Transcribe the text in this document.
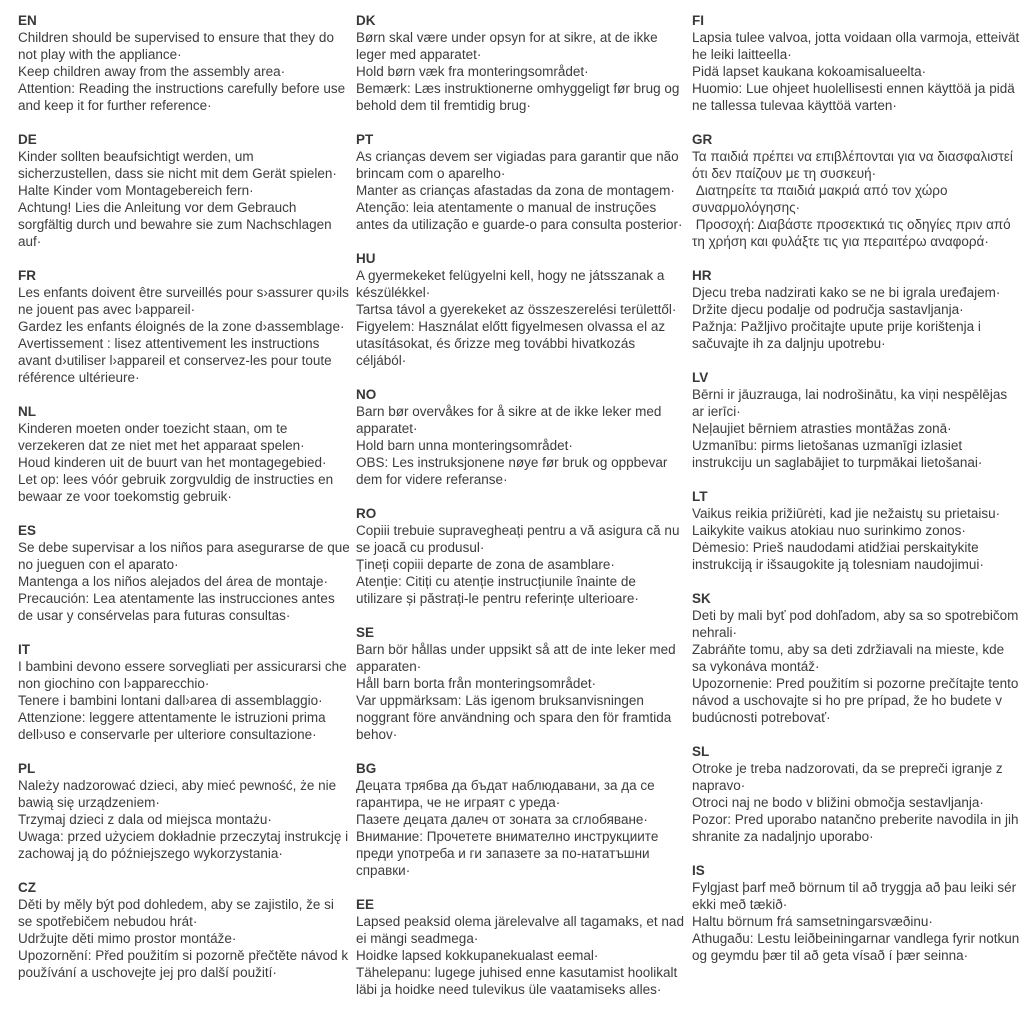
EN

Children should be supervised to ensure that they do not play with the appliance·

Keep children away from the assembly area·

Attention: Reading the instructions carefully before use and keep it for further reference·

DE

Kinder sollten beaufsichtigt werden, um sicherzustellen, dass sie nicht mit dem Gerät spielen·

Halte Kinder vom Montagebereich fern·

Achtung! Lies die Anleitung vor dem Gebrauch sorgfältig durch und bewahre sie zum Nachschlagen auf·

FR

Les enfants doivent être surveillés pour s›assurer qu›ils ne jouent pas avec l›appareil·

Gardez les enfants éloignés de la zone d›assemblage·

Avertissement : lisez attentivement les instructions avant d›utiliser l›appareil et conservez-les pour toute référence ultérieure·

NL

Kinderen moeten onder toezicht staan, om te verzekeren dat ze niet met het apparaat spelen·

Houd kinderen uit de buurt van het montagegebied·

Let op: lees vóór gebruik zorgvuldig de instructies en bewaar ze voor toekomstig gebruik·

ES

Se debe supervisar a los niños para asegurarse de que no jueguen con el aparato·

Mantenga a los niños alejados del área de montaje·

Precaución: Lea atentamente las instrucciones antes de usar y consérvelas para futuras consultas·

IT

I bambini devono essere sorvegliati per assicurarsi che non giochino con l›apparecchio·

Tenere i bambini lontani dall›area di assemblaggio·

Attenzione: leggere attentamente le istruzioni prima dell›uso e conservarle per ulteriore consultazione·

PL

Należy nadzorować dzieci, aby mieć pewność, że nie bawią się urządzeniem·

Trzymaj dzieci z dala od miejsca montażu·

Uwaga: przed użyciem dokładnie przeczytaj instrukcję i zachowaj ją do późniejszego wykorzystania·

CZ

Děti by měly být pod dohledem, aby se zajistilo, že si se spotřebičem nebudou hrát·

Udržujte děti mimo prostor montáže·

Upozornění: Před použitím si pozorně přečtěte návod k používání a uschovejte jej pro další použití·

DK

Børn skal være under opsyn for at sikre, at de ikke leger med apparatet·

Hold børn væk fra monteringsområdet·

Bemærk: Læs instruktionerne omhyggeligt før brug og behold dem til fremtidig brug·

PT

As crianças devem ser vigiadas para garantir que não brincam com o aparelho·

Manter as crianças afastadas da zona de montagem·

Atenção: leia atentamente o manual de instruções antes da utilização e guarde-o para consulta posterior·

HU

A gyermekeket felügyelni kell, hogy ne játsszanak a készülékkel·

Tartsa távol a gyerekeket az összeszerelési területtől·

Figyelem: Használat előtt figyelmesen olvassa el az utasításokat, és őrizze meg további hivatkozás céljából·

NO

Barn bør overvåkes for å sikre at de ikke leker med apparatet·

Hold barn unna monteringsområdet·

OBS: Les instruksjonene nøye før bruk og oppbevar dem for videre referanse·

RO

Copiii trebuie supravegheați pentru a vă asigura că nu se joacă cu produsul·

Țineți copiii departe de zona de asamblare·

Atenție: Citiți cu atenție instrucțiunile înainte de utilizare și păstrați-le pentru referințe ulterioare·

SE

Barn bör hållas under uppsikt så att de inte leker med apparaten·

Håll barn borta från monteringsområdet·

Var uppmärksam: Läs igenom bruksanvisningen noggrant före användning och spara den för framtida behov·

BG

Децата трябва да бъдат наблюдавани, за да се гарантира, че не играят с уреда·

Пазете децата далеч от зоната за сглобяване·

Внимание: Прочетете внимателно инструкциите преди употреба и ги запазете за по-нататъшни справки·

EE

Lapsed peaksid olema järelevalve all tagamaks, et nad ei mängi seadmega·

Hoidke lapsed kokkupanekualast eemal·

Tähelepanu: lugege juhised enne kasutamist hoolikalt läbi ja hoidke need tulevikus üle vaatamiseks alles·

FI

Lapsia tulee valvoa, jotta voidaan olla varmoja, etteivät he leiki laitteella·

Pidä lapset kaukana kokoamisalueelta·

Huomio: Lue ohjeet huolellisesti ennen käyttöä ja pidä ne tallessa tulevaa käyttöä varten·

GR

Τα παιδιά πρέπει να επιβλέπονται για να διασφαλιστεί ότι δεν παίζουν με τη συσκευή·

Διατηρείτε τα παιδιά μακριά από τον χώρο συναρμολόγησης·

Προσοχή: Διαβάστε προσεκτικά τις οδηγίες πριν από τη χρήση και φυλάξτε τις για περαιτέρω αναφορά·

HR

Djecu treba nadzirati kako se ne bi igrala uređajem·

Držite djecu podalje od područja sastavljanja·

Pažnja: Pažljivo pročitajte upute prije korištenja i sačuvajte ih za daljnju upotrebu·

LV

Bērni ir jāuzrauga, lai nodrošinātu, ka viņi nespēlējas ar ierīci·

Neļaujiet bērniem atrasties montāžas zonā·

Uzmanību: pirms lietošanas uzmanīgi izlasiet instrukciju un saglabājiet to turpmākai lietošanai·

LT

Vaikus reikia prižiūrėti, kad jie nežaistų su prietaisu·

Laikykite vaikus atokiau nuo surinkimo zonos·

Dėmesio: Prieš naudodami atidžiai perskaitykite instrukciją ir išsaugokite ją tolesniam naudojimui·

SK

Deti by mali byť pod dohľadom, aby sa so spotrebičom nehrali·

Zabráňte tomu, aby sa deti zdržiavali na mieste, kde sa vykonáva montáž·

Upozornenie: Pred použitím si pozorne prečítajte tento návod a uschovajte si ho pre prípad, že ho budete v budúcnosti potrebovať·

SL

Otroke je treba nadzorovati, da se prepreči igranje z napravo·

Otroci naj ne bodo v bližini območja sestavljanja·

Pozor: Pred uporabo natančno preberite navodila in jih shranite za nadaljnjo uporabo·

IS

Fylgjast þarf með börnum til að tryggja að þau leiki sér ekki með tækið·

Haltu börnum frá samsetningarsvæðinu·

Athugaðu: Lestu leiðbeiningarnar vandlega fyrir notkun og geymdu þær til að geta vísað í þær seinna·
